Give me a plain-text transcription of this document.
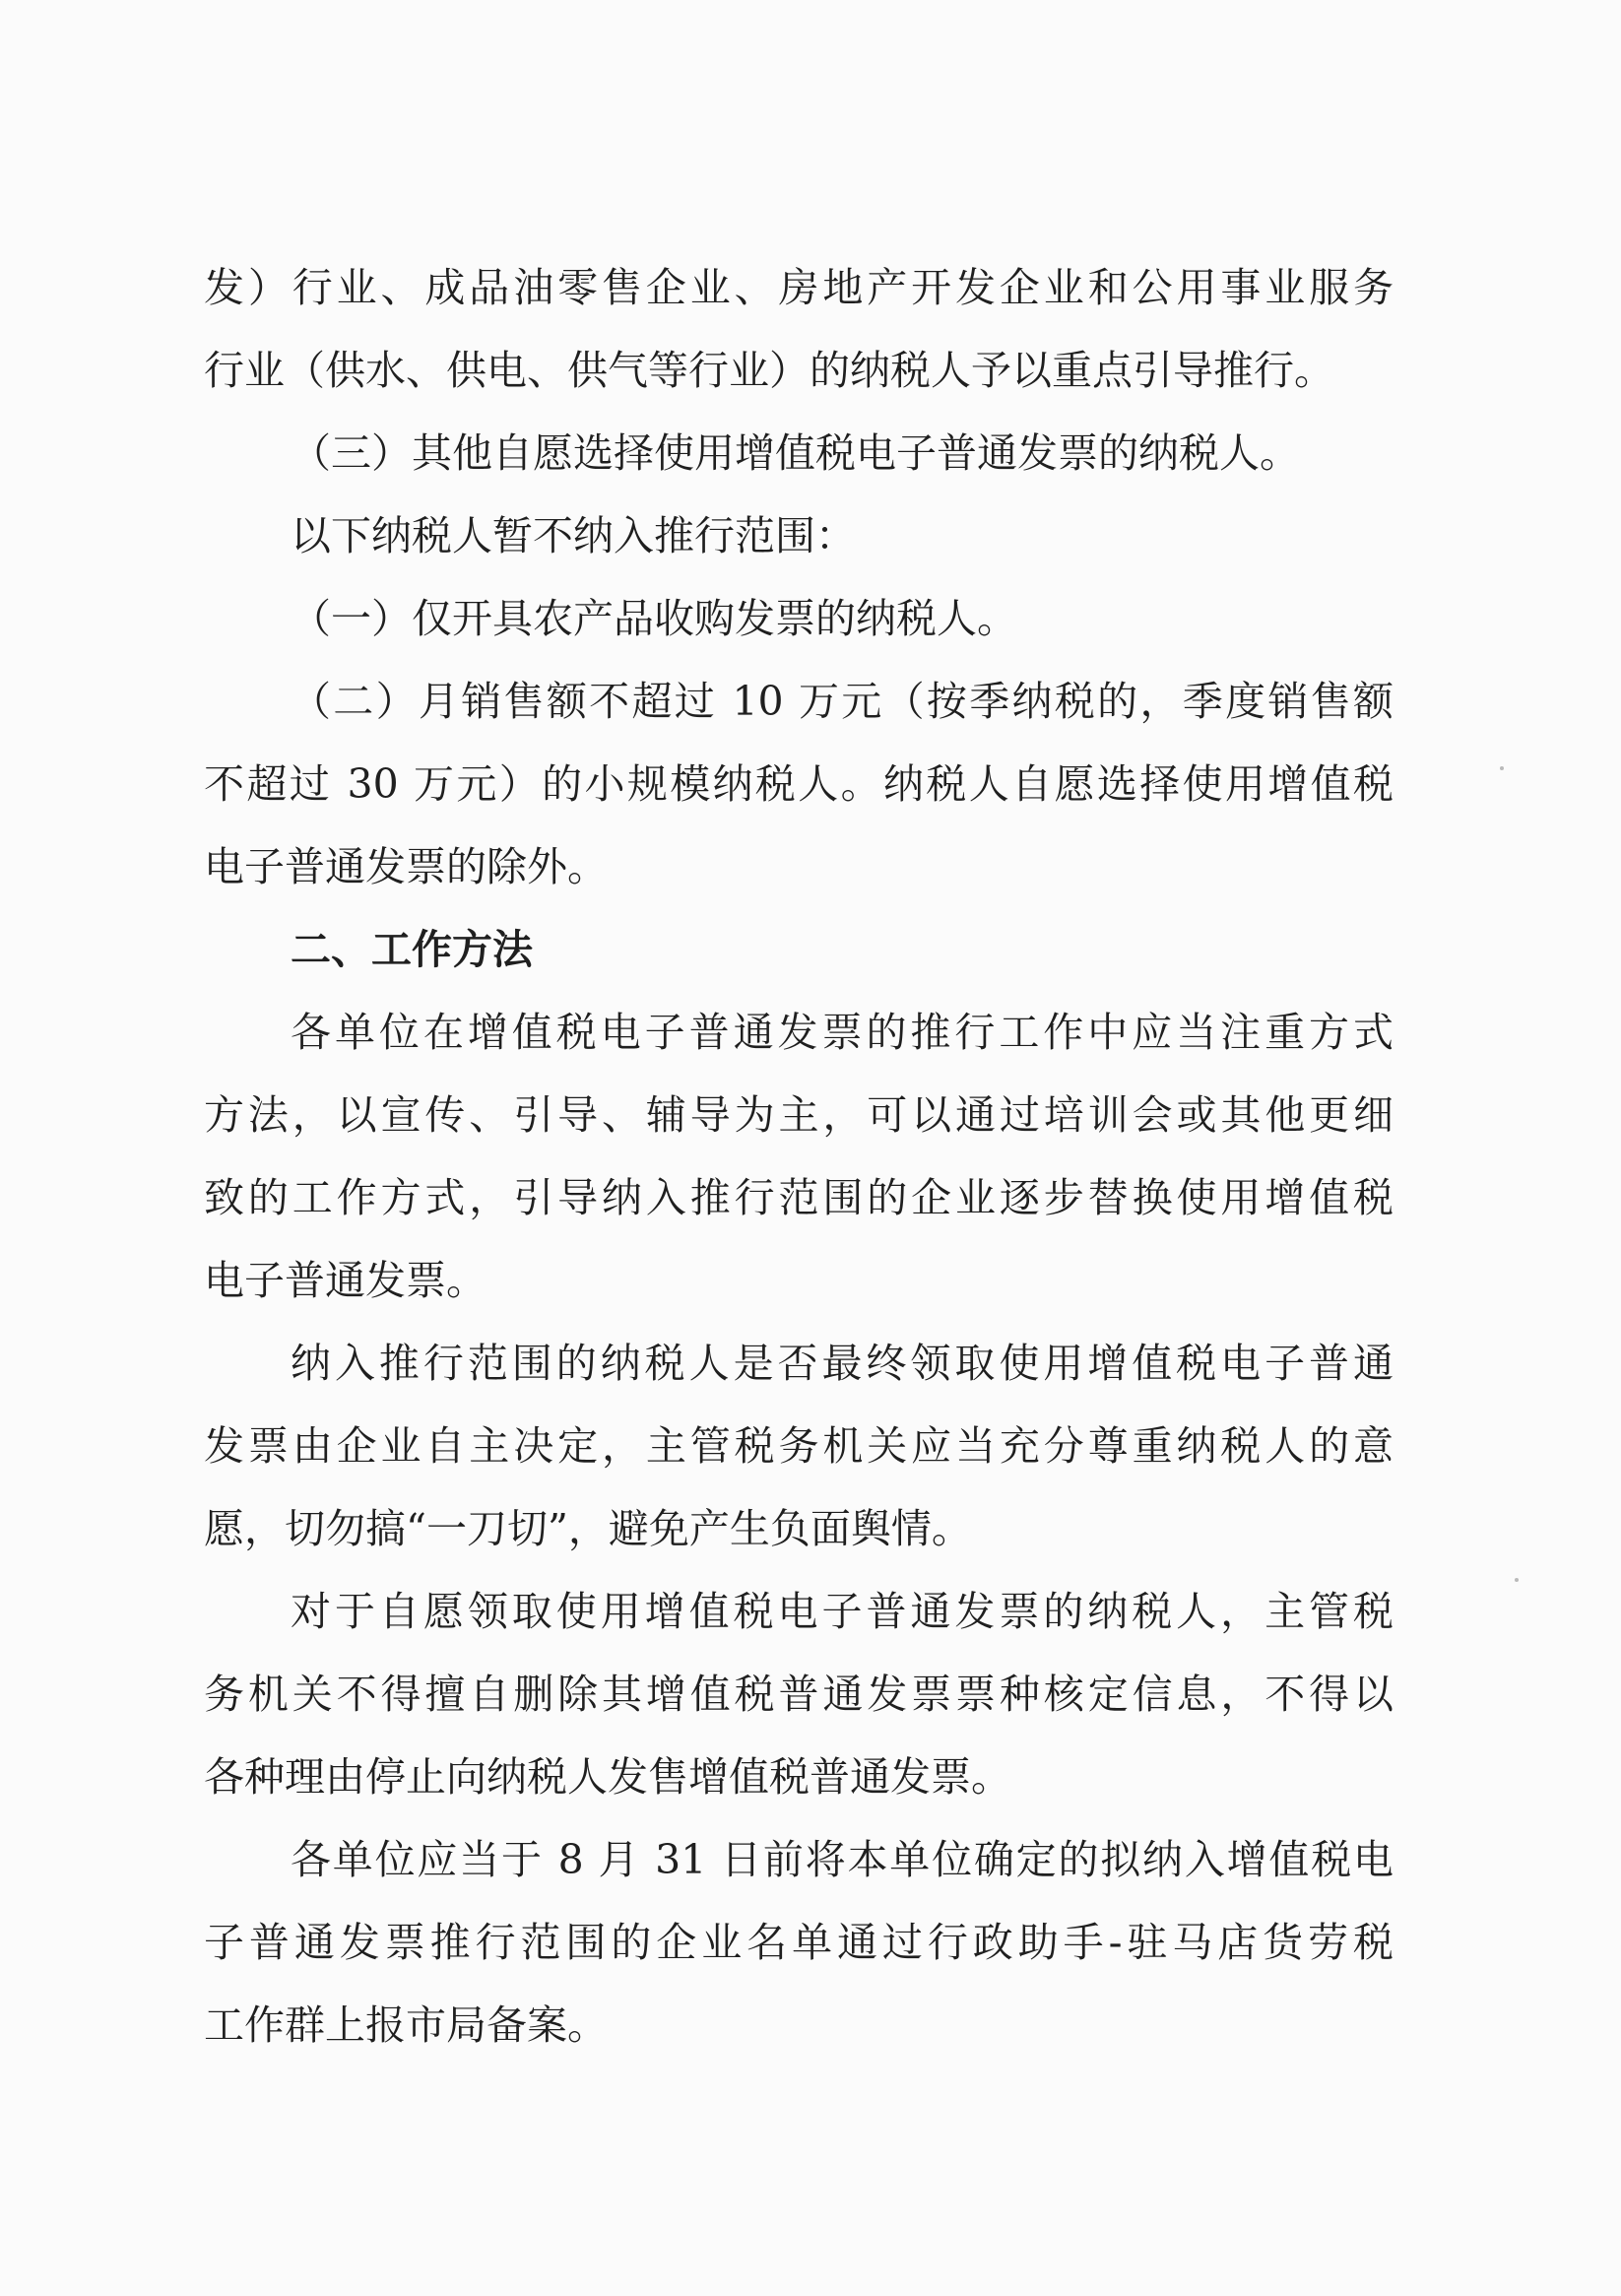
发）行业、成品油零售企业、房地产开发企业和公用事业服务
行业（供水、供电、供气等行业）的纳税人予以重点引导推行。
（三）其他自愿选择使用增值税电子普通发票的纳税人。
以下纳税人暂不纳入推行范围：
（一）仅开具农产品收购发票的纳税人。
（二）月销售额不超过 10 万元（按季纳税的，季度销售额
不超过 30 万元）的小规模纳税人。纳税人自愿选择使用增值税
电子普通发票的除外。
二、工作方法
各单位在增值税电子普通发票的推行工作中应当注重方式
方法，以宣传、引导、辅导为主，可以通过培训会或其他更细
致的工作方式，引导纳入推行范围的企业逐步替换使用增值税
电子普通发票。
纳入推行范围的纳税人是否最终领取使用增值税电子普通
发票由企业自主决定，主管税务机关应当充分尊重纳税人的意
愿，切勿搞“一刀切”，避免产生负面舆情。
对于自愿领取使用增值税电子普通发票的纳税人，主管税
务机关不得擅自删除其增值税普通发票票种核定信息，不得以
各种理由停止向纳税人发售增值税普通发票。
各单位应当于 8 月 31 日前将本单位确定的拟纳入增值税电
子普通发票推行范围的企业名单通过行政助手-驻马店货劳税
工作群上报市局备案。
